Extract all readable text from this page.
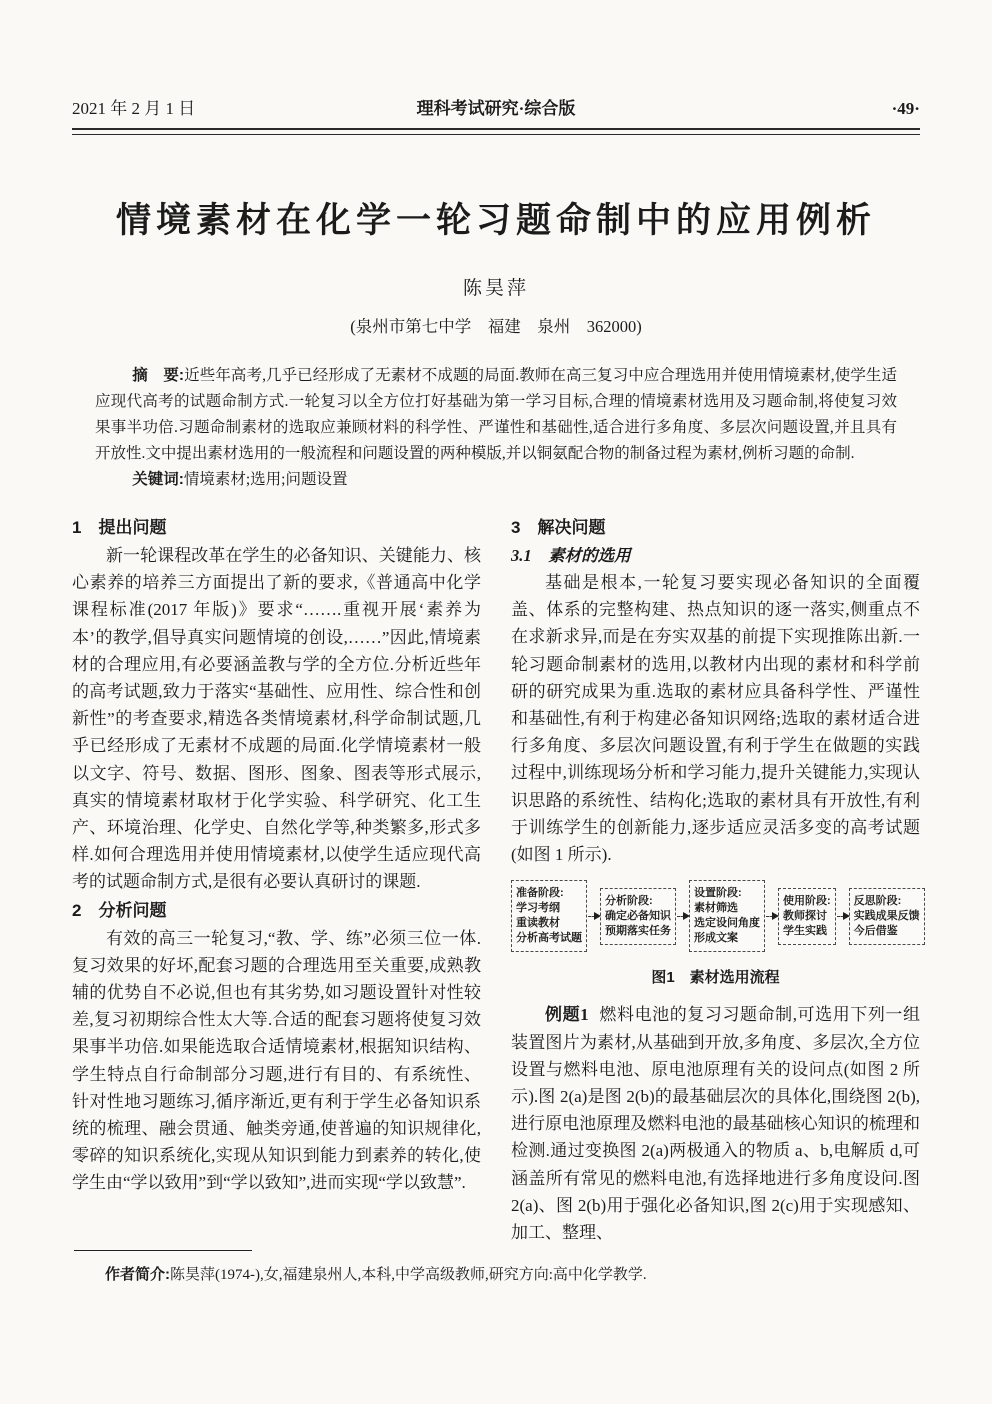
2021 年 2 月 1 日	理科考试研究·综合版	·49·
情境素材在化学一轮习题命制中的应用例析
陈昊萍
(泉州市第七中学　福建　泉州　362000)

摘　要:近些年高考,几乎已经形成了无素材不成题的局面.教师在高三复习中应合理选用并使用情境素材,使学生适应现代高考的试题命制方式.一轮复习以全方位打好基础为第一学习目标,合理的情境素材选用及习题命制,将使复习效果事半功倍.习题命制素材的选取应兼顾材料的科学性、严谨性和基础性,适合进行多角度、多层次问题设置,并且具有开放性.文中提出素材选用的一般流程和问题设置的两种模版,并以铜氨配合物的制备过程为素材,例析习题的命制.

关键词:情境素材;选用;问题设置

1　提出问题

新一轮课程改革在学生的必备知识、关键能力、核心素养的培养三方面提出了新的要求,《普通高中化学课程标准(2017 年版)》要求“…….重视开展‘素养为本’的教学,倡导真实问题情境的创设,……”因此,情境素材的合理应用,有必要涵盖教与学的全方位.分析近些年的高考试题,致力于落实“基础性、应用性、综合性和创新性”的考查要求,精选各类情境素材,科学命制试题,几乎已经形成了无素材不成题的局面.化学情境素材一般以文字、符号、数据、图形、图象、图表等形式展示,真实的情境素材取材于化学实验、科学研究、化工生产、环境治理、化学史、自然化学等,种类繁多,形式多样.如何合理选用并使用情境素材,以使学生适应现代高考的试题命制方式,是很有必要认真研讨的课题.

2　分析问题

有效的高三一轮复习,“教、学、练”必须三位一体.复习效果的好坏,配套习题的合理选用至关重要,成熟教辅的优势自不必说,但也有其劣势,如习题设置针对性较差,复习初期综合性太大等.合适的配套习题将使复习效果事半功倍.如果能选取合适情境素材,根据知识结构、学生特点自行命制部分习题,进行有目的、有系统性、针对性地习题练习,循序渐近,更有利于学生必备知识系统的梳理、融会贯通、触类旁通,使普遍的知识规律化,零碎的知识系统化,实现从知识到能力到素养的转化,使学生由“学以致用”到“学以致知”,进而实现“学以致慧”.

3　解决问题
3.1　素材的选用

基础是根本,一轮复习要实现必备知识的全面覆盖、体系的完整构建、热点知识的逐一落实,侧重点不在求新求异,而是在夯实双基的前提下实现推陈出新.一轮习题命制素材的选用,以教材内出现的素材和科学前研的研究成果为重.选取的素材应具备科学性、严谨性和基础性,有利于构建必备知识网络;选取的素材适合进行多角度、多层次问题设置,有利于学生在做题的实践过程中,训练现场分析和学习能力,提升关键能力,实现认识思路的系统性、结构化;选取的素材具有开放性,有利于训练学生的创新能力,逐步适应灵活多变的高考试题(如图 1 所示).

准备阶段:
学习考纲
重读教材
分析高考试题
分析阶段:
确定必备知识
预期落实任务
设置阶段:
素材筛选
选定设问角度
形成文案
使用阶段:
教师探讨
学生实践
反思阶段:
实践成果反馈
今后借鉴
图1　素材选用流程

例题1 燃料电池的复习习题命制,可选用下列一组装置图片为素材,从基础到开放,多角度、多层次,全方位设置与燃料电池、原电池原理有关的设问点(如图 2 所示).图 2(a)是图 2(b)的最基础层次的具体化,围绕图 2(b),进行原电池原理及燃料电池的最基础核心知识的梳理和检测.通过变换图 2(a)两极通入的物质 a、b,电解质 d,可涵盖所有常见的燃料电池,有选择地进行多角度设问.图 2(a)、图 2(b)用于强化必备知识,图 2(c)用于实现感知、加工、整理、

作者简介:陈昊萍(1974-),女,福建泉州人,本科,中学高级教师,研究方向:高中化学教学.
